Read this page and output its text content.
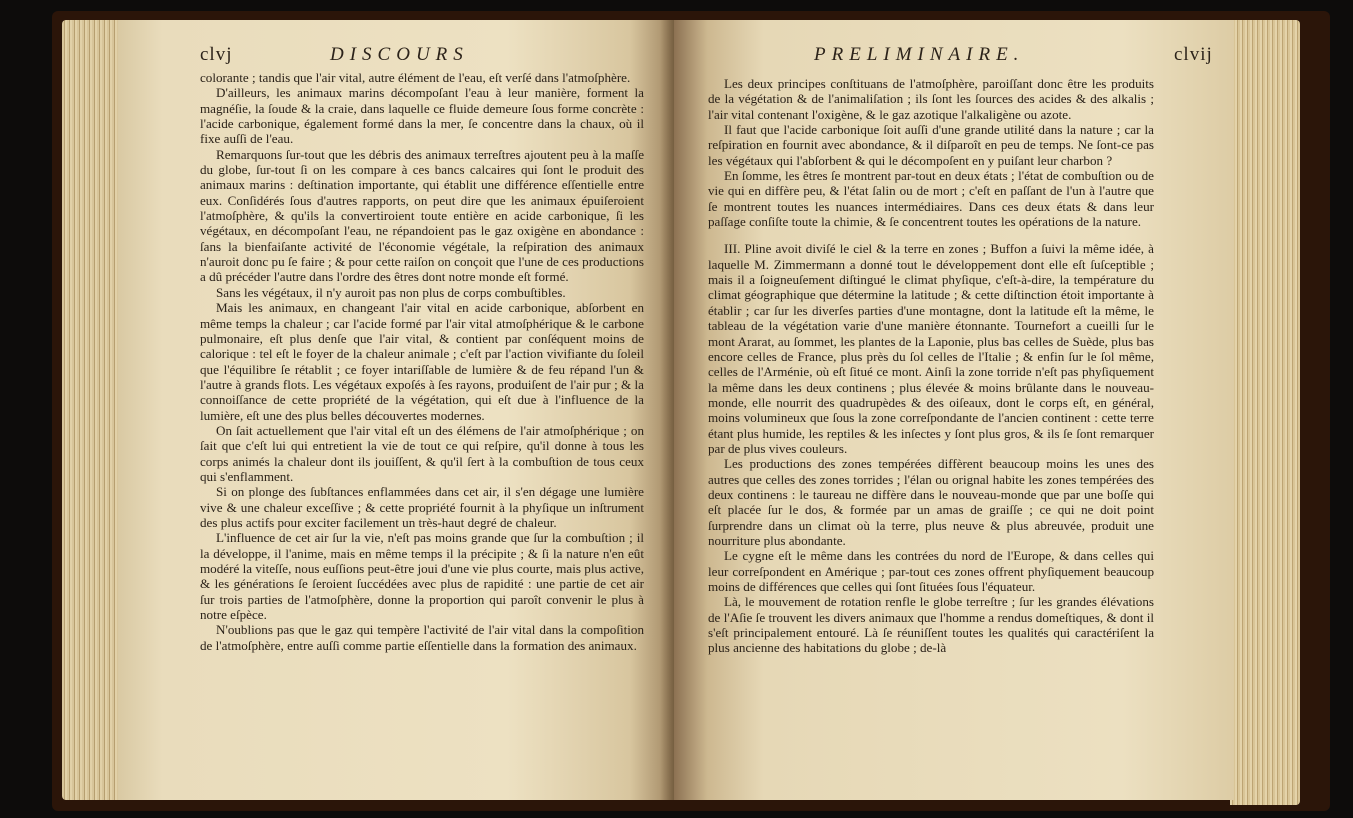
clvj	DISCOURS

colorante ; tandis que l'air vital, autre élément de l'eau, eſt verſé dans l'atmoſphère.

D'ailleurs, les animaux marins décompoſant l'eau à leur manière, forment la magnéſie, la ſoude & la craie, dans laquelle ce fluide demeure ſous forme concrète : l'acide carbonique, également formé dans la mer, ſe concentre dans la chaux, où il fixe auſſi de l'eau.

Remarquons ſur-tout que les débris des animaux terreſtres ajoutent peu à la maſſe du globe, ſur-tout ſi on les compare à ces bancs calcaires qui ſont le produit des animaux marins : deſtination importante, qui établit une différence eſſentielle entre eux. Conſidérés ſous d'autres rapports, on peut dire que les animaux épuiſeroient l'atmoſphère, & qu'ils la convertiroient toute entière en acide carbonique, ſi les végétaux, en décompoſant l'eau, ne répandoient pas le gaz oxigène en abondance : ſans la bienfaiſante activité de l'économie végétale, la reſpiration des animaux n'auroit donc pu ſe faire ; & pour cette raiſon on conçoit que l'une de ces productions a dû précéder l'autre dans l'ordre des êtres dont notre monde eſt formé.

Sans les végétaux, il n'y auroit pas non plus de corps combuſtibles.

Mais les animaux, en changeant l'air vital en acide carbonique, abſorbent en même temps la chaleur ; car l'acide formé par l'air vital atmoſphérique & le carbone pulmonaire, eſt plus denſe que l'air vital, & contient par conſéquent moins de calorique : tel eſt le foyer de la chaleur animale ; c'eſt par l'action vivifiante du ſoleil que l'équilibre ſe rétablit ; ce foyer intariſſable de lumière & de feu répand l'un & l'autre à grands flots. Les végétaux expoſés à ſes rayons, produiſent de l'air pur ; & la connoiſſance de cette propriété de la végétation, qui eſt due à l'influence de la lumière, eſt une des plus belles découvertes modernes.

On ſait actuellement que l'air vital eſt un des élémens de l'air atmoſphérique ; on ſait que c'eſt lui qui entretient la vie de tout ce qui reſpire, qu'il donne à tous les corps animés la chaleur dont ils jouiſſent, & qu'il ſert à la combuſtion de tous ceux qui s'enflamment.

Si on plonge des ſubſtances enflammées dans cet air, il s'en dégage une lumière vive & une chaleur exceſſive ; & cette propriété fournit à la phyſique un inſtrument des plus actifs pour exciter facilement un très-haut degré de chaleur.

L'influence de cet air ſur la vie, n'eſt pas moins grande que ſur la combuſtion ; il la développe, il l'anime, mais en même temps il la précipite ; & ſi la nature n'en eût modéré la viteſſe, nous euſſions peut-être joui d'une vie plus courte, mais plus active, & les générations ſe ſeroient ſuccédées avec plus de rapidité : une partie de cet air ſur trois parties de l'atmoſphère, donne la proportion qui paroît convenir le plus à notre eſpèce.

N'oublions pas que le gaz qui tempère l'activité de l'air vital dans la compoſition de l'atmoſphère, entre auſſi comme partie eſſentielle dans la formation des animaux.

PRELIMINAIRE.	clvij

Les deux principes conſtituans de l'atmoſphère, paroiſſant donc être les produits de la végétation & de l'animaliſation ; ils ſont les ſources des acides & des alkalis ; l'air vital contenant l'oxigène, & le gaz azotique l'alkaligène ou azote.

Il faut que l'acide carbonique ſoit auſſi d'une grande utilité dans la nature ; car la reſpiration en fournit avec abondance, & il diſparoît en peu de temps. Ne ſont-ce pas les végétaux qui l'abſorbent & qui le décompoſent en y puiſant leur charbon ?

En ſomme, les êtres ſe montrent par-tout en deux états ; l'état de combuſtion ou de vie qui en diffère peu, & l'état ſalin ou de mort ; c'eſt en paſſant de l'un à l'autre que ſe montrent toutes les nuances intermédiaires. Dans ces deux états & dans leur paſſage conſiſte toute la chimie, & ſe concentrent toutes les opérations de la nature.

III. Pline avoit diviſé le ciel & la terre en zones ; Buffon a ſuivi la même idée, à laquelle M. Zimmermann a donné tout le développement dont elle eſt ſuſceptible ; mais il a ſoigneuſement diſtingué le climat phyſique, c'eſt-à-dire, la température du climat géographique que détermine la latitude ; & cette diſtinction étoit importante à établir ; car ſur les diverſes parties d'une montagne, dont la latitude eſt la même, le tableau de la végétation varie d'une manière étonnante. Tournefort a cueilli ſur le mont Ararat, au ſommet, les plantes de la Laponie, plus bas celles de Suède, plus bas encore celles de France, plus près du ſol celles de l'Italie ; & enfin ſur le ſol même, celles de l'Arménie, où eſt ſitué ce mont. Ainſi la zone torride n'eſt pas phyſiquement la même dans les deux continens ; plus élevée & moins brûlante dans le nouveau-monde, elle nourrit des quadrupèdes & des oiſeaux, dont le corps eſt, en général, moins volumineux que ſous la zone correſpondante de l'ancien continent : cette terre étant plus humide, les reptiles & les inſectes y ſont plus gros, & ils ſe ſont remarquer par de plus vives couleurs.

Les productions des zones tempérées diffèrent beaucoup moins les unes des autres que celles des zones torrides ; l'élan ou orignal habite les zones tempérées des deux continens : le taureau ne diffère dans le nouveau-monde que par une boſſe qui eſt placée ſur le dos, & formée par un amas de graiſſe ; ce qui ne doit point ſurprendre dans un climat où la terre, plus neuve & plus abreuvée, produit une nourriture plus abondante.

Le cygne eſt le même dans les contrées du nord de l'Europe, & dans celles qui leur correſpondent en Amérique ; par-tout ces zones offrent phyſiquement beaucoup moins de différences que celles qui ſont ſituées ſous l'équateur.

Là, le mouvement de rotation renfle le globe terreſtre ; ſur les grandes élévations de l'Aſie ſe trouvent les divers animaux que l'homme a rendus domeſtiques, & dont il s'eſt principalement entouré. Là ſe réuniſſent toutes les qualités qui caractériſent la plus ancienne des habitations du globe ; de-là
